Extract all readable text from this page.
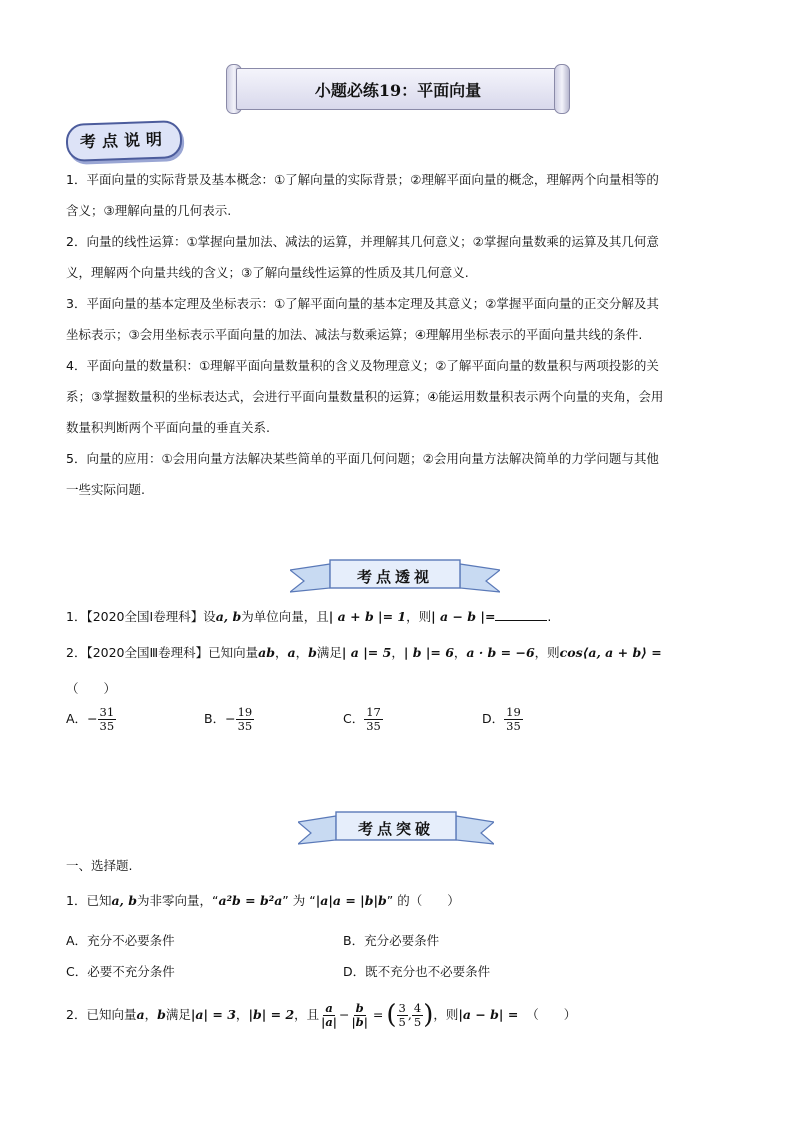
小题必练19：平面向量
考点说明
1．平面向量的实际背景及基本概念：①了解向量的实际背景；②理解平面向量的概念，理解两个向量相等的
含义；③理解向量的几何表示.
2．向量的线性运算：①掌握向量加法、减法的运算，并理解其几何意义；②掌握向量数乘的运算及其几何意
义，理解两个向量共线的含义；③了解向量线性运算的性质及其几何意义.
3．平面向量的基本定理及坐标表示：①了解平面向量的基本定理及其意义；②掌握平面向量的正交分解及其
坐标表示；③会用坐标表示平面向量的加法、减法与数乘运算；④理解用坐标表示的平面向量共线的条件.
4．平面向量的数量积：①理解平面向量数量积的含义及物理意义；②了解平面向量的数量积与两项投影的关
系；③掌握数量积的坐标表达式，会进行平面向量数量积的运算；④能运用数量积表示两个向量的夹角，会用
数量积判断两个平面向量的垂直关系.
5．向量的应用：①会用向量方法解决某些简单的平面几何问题；②会用向量方法解决简单的力学问题与其他
一些实际问题.
考点透视
1．【2020全国Ⅰ卷理科】设a, b为单位向量，且| a + b |= 1，则| a − b |=	.
2．【2020全国Ⅲ卷理科】已知向量ab，a，b满足| a |= 5，| b |= 6，a · b = −6，则cos⟨a, a + b⟩ =
（　　）
A．− $\frac{31}{35}$	B．− $\frac{19}{35}$	C． $\frac{17}{35}$	D． $\frac{19}{35}$
考点突破
一、选择题.
1．已知a, b为非零向量，“a²b = b²a” 为 “|a|a = |b|b” 的（　　）
A．充分不必要条件	B．充分必要条件
C．必要不充分条件	D．既不充分也不必要条件
2．已知向量 a ， b 满足 |a| = 3 ， |b| = 2 ，且 $\frac{a}{|a|} - \frac{b}{|b|}$ = ( $\frac{3}{5}$ , $\frac{4}{5}$ ) ，则 |a − b| = （　　）
